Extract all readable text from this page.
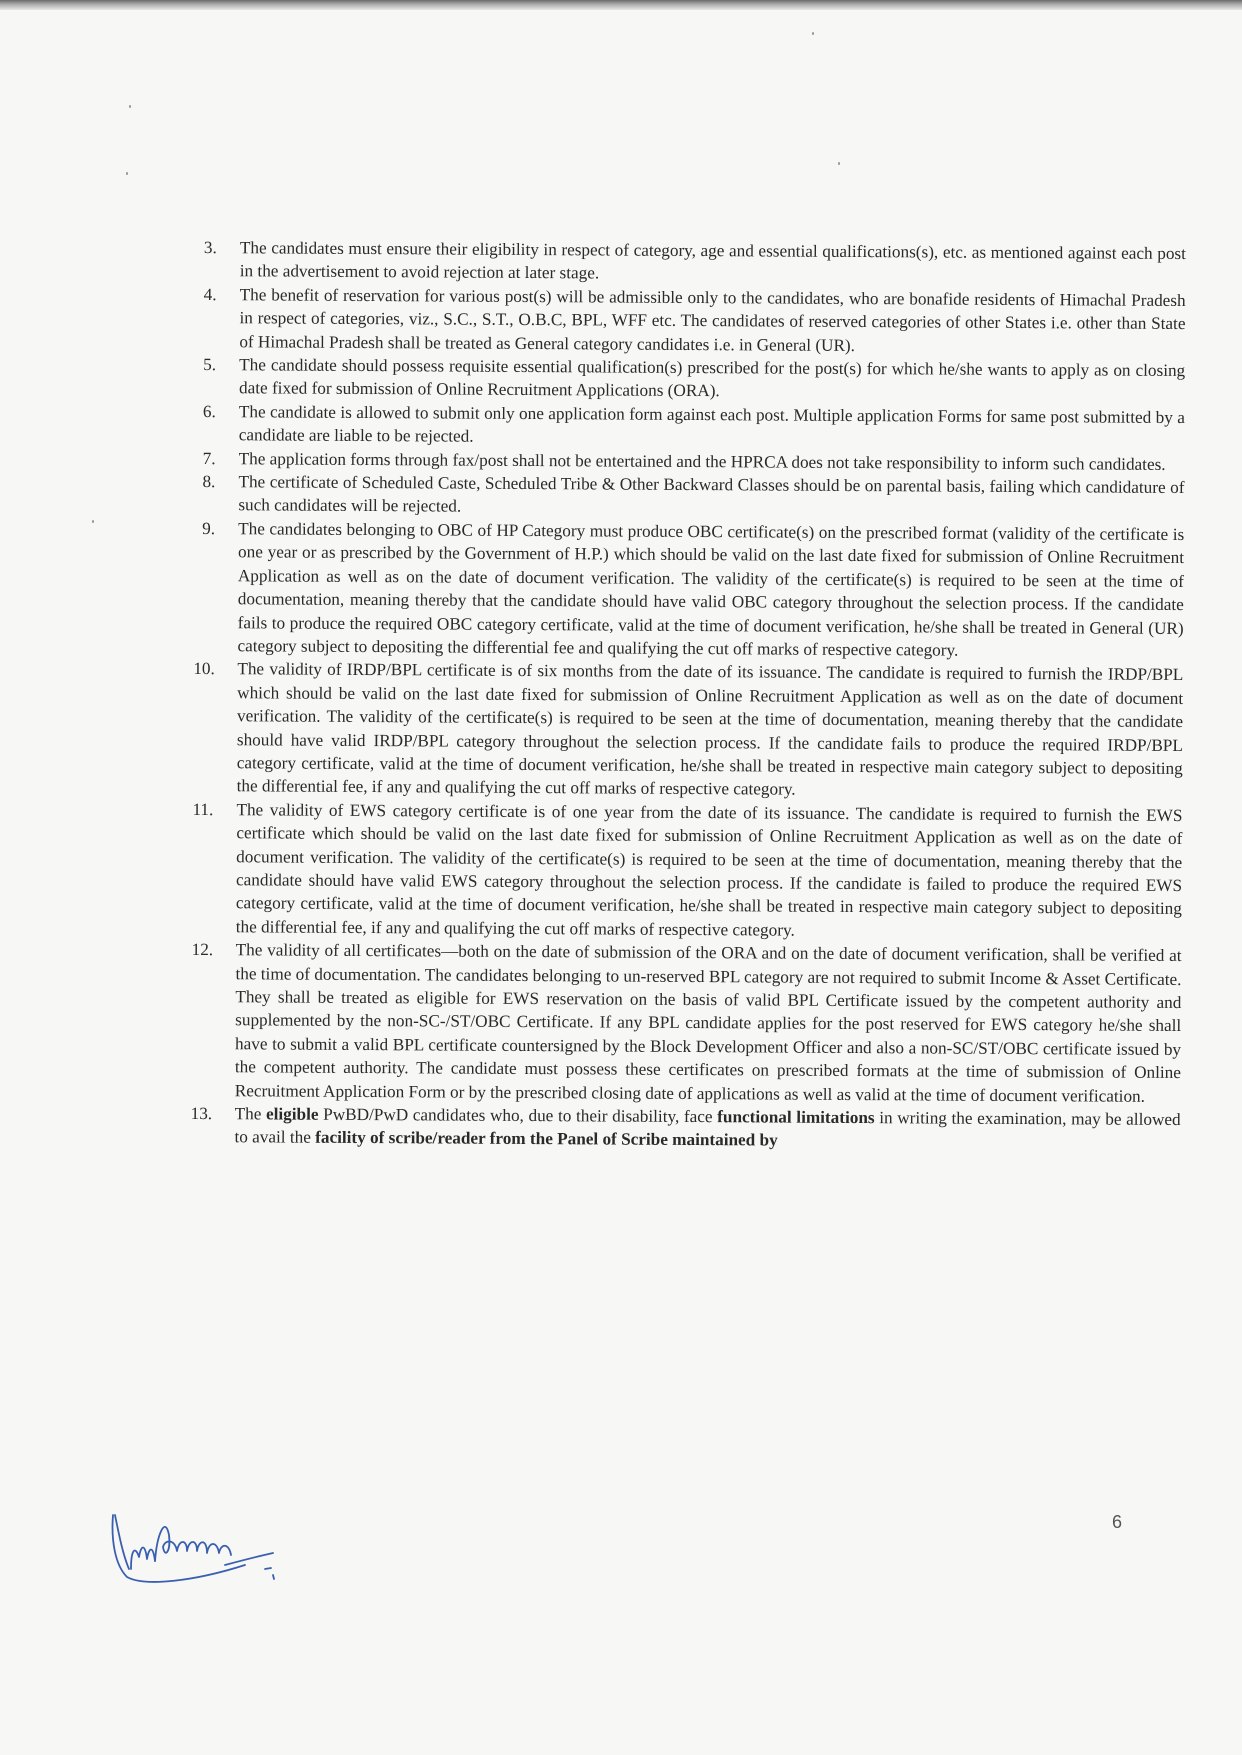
3.	The candidates must ensure their eligibility in respect of category, age and essential qualifications(s), etc. as mentioned against each post in the advertisement to avoid rejection at later stage.
4.	The benefit of reservation for various post(s) will be admissible only to the candidates, who are bonafide residents of Himachal Pradesh in respect of categories, viz., S.C., S.T., O.B.C, BPL, WFF etc. The candidates of reserved categories of other States i.e. other than State of Himachal Pradesh shall be treated as General category candidates i.e. in General (UR).
5.	The candidate should possess requisite essential qualification(s) prescribed for the post(s) for which he/she wants to apply as on closing date fixed for submission of Online Recruitment Applications (ORA).
6.	The candidate is allowed to submit only one application form against each post. Multiple application Forms for same post submitted by a candidate are liable to be rejected.
7.	The application forms through fax/post shall not be entertained and the HPRCA does not take responsibility to inform such candidates.
8.	The certificate of Scheduled Caste, Scheduled Tribe & Other Backward Classes should be on parental basis, failing which candidature of such candidates will be rejected.
9.	The candidates belonging to OBC of HP Category must produce OBC certificate(s) on the prescribed format (validity of the certificate is one year or as prescribed by the Government of H.P.) which should be valid on the last date fixed for submission of Online Recruitment Application as well as on the date of document verification. The validity of the certificate(s) is required to be seen at the time of documentation, meaning thereby that the candidate should have valid OBC category throughout the selection process. If the candidate fails to produce the required OBC category certificate, valid at the time of document verification, he/she shall be treated in General (UR) category subject to depositing the differential fee and qualifying the cut off marks of respective category.
10.	The validity of IRDP/BPL certificate is of six months from the date of its issuance. The candidate is required to furnish the IRDP/BPL which should be valid on the last date fixed for submission of Online Recruitment Application as well as on the date of document verification. The validity of the certificate(s) is required to be seen at the time of documentation, meaning thereby that the candidate should have valid IRDP/BPL category throughout the selection process. If the candidate fails to produce the required IRDP/BPL category certificate, valid at the time of document verification, he/she shall be treated in respective main category subject to depositing the differential fee, if any and qualifying the cut off marks of respective category.
11.	The validity of EWS category certificate is of one year from the date of its issuance. The candidate is required to furnish the EWS certificate which should be valid on the last date fixed for submission of Online Recruitment Application as well as on the date of document verification. The validity of the certificate(s) is required to be seen at the time of documentation, meaning thereby that the candidate should have valid EWS category throughout the selection process. If the candidate is failed to produce the required EWS category certificate, valid at the time of document verification, he/she shall be treated in respective main category subject to depositing the differential fee, if any and qualifying the cut off marks of respective category.
12.	The validity of all certificates—both on the date of submission of the ORA and on the date of document verification, shall be verified at the time of documentation. The candidates belonging to un-reserved BPL category are not required to submit Income & Asset Certificate. They shall be treated as eligible for EWS reservation on the basis of valid BPL Certificate issued by the competent authority and supplemented by the non-SC-/ST/OBC Certificate. If any BPL candidate applies for the post reserved for EWS category he/she shall have to submit a valid BPL certificate countersigned by the Block Development Officer and also a non-SC/ST/OBC certificate issued by the competent authority. The candidate must possess these certificates on prescribed formats at the time of submission of Online Recruitment Application Form or by the prescribed closing date of applications as well as valid at the time of document verification.
13.	The eligible PwBD/PwD candidates who, due to their disability, face functional limitations in writing the examination, may be allowed to avail the facility of scribe/reader from the Panel of Scribe maintained by
6
